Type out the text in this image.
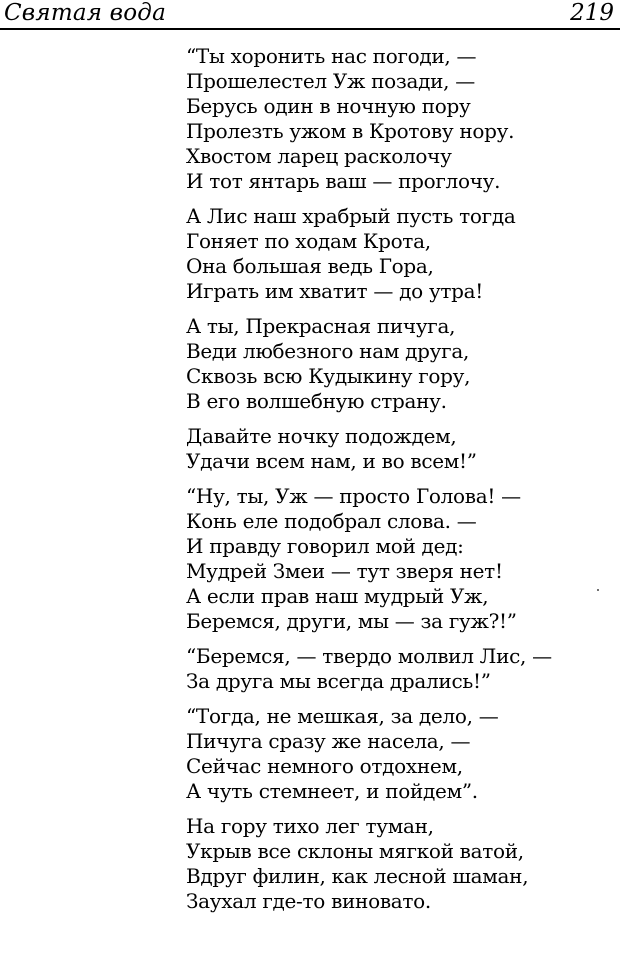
Святая вода	219
“Ты хоронить нас погоди, —
Прошелестел Уж позади, —
Берусь один в ночную пору
Пролезть ужом в Кротову нору.
Хвостом ларец расколочу
И тот янтарь ваш — проглочу.
А Лис наш храбрый пусть тогда
Гоняет по ходам Крота,
Она большая ведь Гора,
Играть им хватит — до утра!
А ты, Прекрасная пичуга,
Веди любезного нам друга,
Сквозь всю Кудыкину гору,
В его волшебную страну.
Давайте ночку подождем,
Удачи всем нам, и во всем!”
“Ну, ты, Уж — просто Голова! —
Конь еле подобрал слова. —
И правду говорил мой дед:
Мудрей Змеи — тут зверя нет!
А если прав наш мудрый Уж,
Беремся, други, мы — за гуж?!”
“Беремся, — твердо молвил Лис, —
За друга мы всегда дрались!”
“Тогда, не мешкая, за дело, —
Пичуга сразу же насела, —
Сейчас немного отдохнем,
А чуть стемнеет, и пойдем”.
На гору тихо лег туман,
Укрыв все склоны мягкой ватой,
Вдруг филин, как лесной шаман,
Заухал где-то виновато.
